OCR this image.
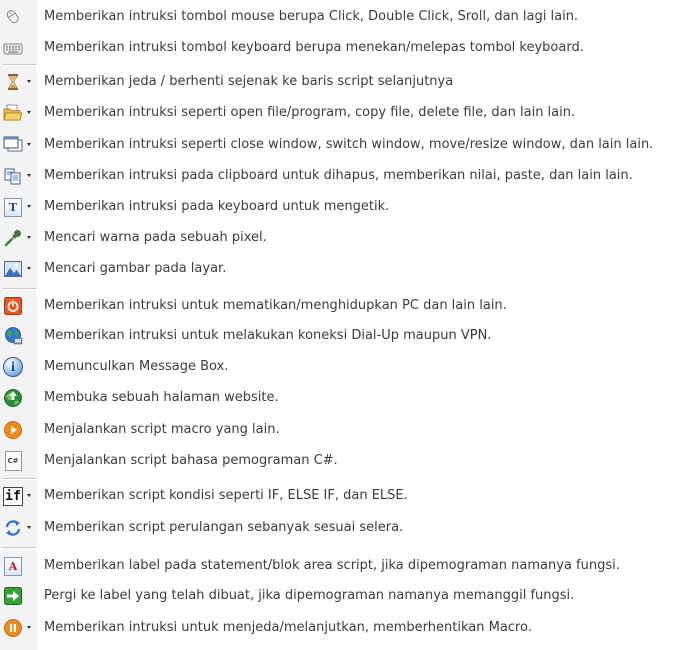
Memberikan intruksi tombol mouse berupa Click, Double Click, Sroll, dan lagi lain.
Memberikan intruksi tombol keyboard berupa menekan/melepas tombol keyboard.
Memberikan jeda / berhenti sejenak ke baris script selanjutnya
Memberikan intruksi seperti open file/program, copy file, delete file, dan lain lain.
Memberikan intruksi seperti close window, switch window, move/resize window, dan lain lain.
Memberikan intruksi pada clipboard untuk dihapus, memberikan nilai, paste, dan lain lain.
T	Memberikan intruksi pada keyboard untuk mengetik.
Mencari warna pada sebuah pixel.
Mencari gambar pada layar.
Memberikan intruksi untuk mematikan/menghidupkan PC dan lain lain.
Memberikan intruksi untuk melakukan koneksi Dial-Up maupun VPN.
i	Memunculkan Message Box.
Membuka sebuah halaman website.
Menjalankan script macro yang lain.
C# Menjalankan script bahasa pemograman C#.
if Memberikan script kondisi seperti IF, ELSE IF, dan ELSE.
Memberikan script perulangan sebanyak sesuai selera.
A	Memberikan label pada statement/blok area script, jika dipemograman namanya fungsi.
Pergi ke label yang telah dibuat, jika dipemograman namanya memanggil fungsi.
Memberikan intruksi untuk menjeda/melanjutkan, memberhentikan Macro.
